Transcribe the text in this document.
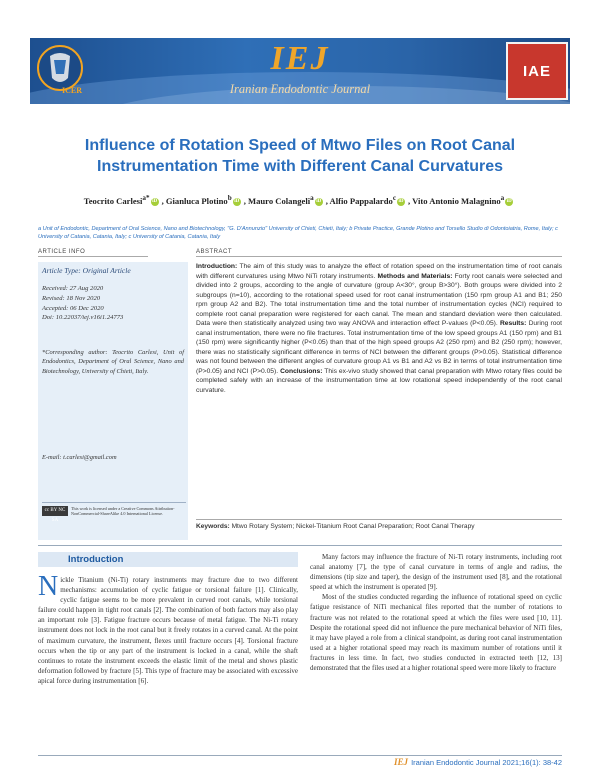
ICER
IEJ
Iranian Endodontic Journal
IAE
Influence of Rotation Speed of Mtwo Files on Root Canal
Instrumentation Time with Different Canal Curvatures
Teocrito Carlesi$^{a*}$ iD , Gianluca Plotino$^b$ iD , Mauro Colangeli$^a$ iD , Alfio Pappalardo$^c$ iD , Vito Antonio Malagnino$^a$ iD
a Unit of Endodontic, Department of Oral Science, Nano and Biotechnology, "G. D'Annunzio" University of Chieti, Chieti, Italy; b Private Practice, Grande Plotino and Torsello Studio di Odontoiatria, Rome, Italy; c University of Catania, Catania, Italy; c University of Catania, Catania, Italy
ARTICLE INFO	ABSTRACT
Article Type: Original Article
Received: 27 Aug 2020
Revised: 18 Nov 2020
Accepted: 06 Dec 2020
Doi: 10.22037/iej.v16i1.24773
*Corresponding author: Teocrito Carlesi, Unit of Endodontics, Department of Oral Science, Nano and Biotechnology, University of Chieti, Italy.
E-mail: t.carlesi@gmail.com
cc BY NC SA
This work is licensed under a Creative Commons Attribution-NonCommercial-ShareAlike 4.0 International License.
Introduction: The aim of this study was to analyze the effect of rotation speed on the instrumentation time of root canals with different curvatures using Mtwo NiTi rotary instruments. Methods and Materials: Forty root canals were selected and divided into 2 groups, according to the angle of curvature (group A<30°, group B>30°). Both groups were divided into 2 subgroups (n=10), according to the rotational speed used for root canal instrumentation (150 rpm group A1 and B1; 250 rpm group A2 and B2). The total instrumentation time and the total number of instrumentation cycles (NCI) required to complete root canal preparation were registered for each canal. The mean and standard deviation were then calculated. Data were then statistically analyzed using two way ANOVA and interaction effect P-values (P<0.05). Results: During root canal instrumentation, there were no file fractures. Total instrumentation time of the low speed groups A1 (150 rpm) and B1 (150 rpm) were significantly higher (P<0.05) than that of the high speed groups A2 (250 rpm) and B2 (250 rpm); however, there was no statistically significant difference in terms of NCI between the different groups (P>0.05). Statistical difference was not found between the different angles of curvature group A1 vs B1 and A2 vs B2 in terms of total instrumentation time (P>0.05) and NCI (P>0.05). Conclusions: This ex-vivo study showed that canal preparation with Mtwo rotary files could be completed safely with an increase of the instrumentation time at low rotational speed independently of the root canal curvature.
Keywords: Mtwo Rotary System; Nickel-Titanium Root Canal Preparation; Root Canal Therapy
Introduction
Nickle Titanium (Ni-Ti) rotary instruments may fracture due to two different mechanisms: accumulation of cyclic fatigue or torsional failure [1]. Clinically, cyclic fatigue seems to be more prevalent in curved root canals, while torsional failure could happen in tight root canals [2]. The combination of both factors may also play an important role [3]. Fatigue fracture occurs because of metal fatigue. The Ni-Ti rotary instrument does not lock in the root canal but it freely rotates in a curved canal. At the point of maximum curvature, the instrument, flexes until fracture occurs [4]. Torsional fracture occurs when the tip or any part of the instrument is locked in a canal, while the shaft continues to rotate the instrument exceeds the elastic limit of the metal and shows plastic deformation followed by fracture [5]. This type of fracture may be associated with excessive apical force during instrumentation [6].

Many factors may influence the fracture of Ni-Ti rotary instruments, including root canal anatomy [7], the type of canal curvature in terms of angle and radius, the dimensions (tip size and taper), the design of the instrument used [8], and the rotational speed at which the instrument is operated [9].

Most of the studies conducted regarding the influence of rotational speed on cyclic fatigue resistance of NiTi mechanical files reported that the number of rotations to fracture was not related to the rotational speed at which the files were used [10, 11]. Despite the rotational speed did not influence the pure mechanical behavior of NiTi files, it may have played a role from a clinical standpoint, as during root canal instrumentation used at a higher rotational speed may reach its maximum number of rotations until it fractures in less time. In fact, two studies conducted in extracted teeth [12, 13] demonstrated that the files used at a higher rotational speed were more likely to fracture

IEJ Iranian Endodontic Journal 2021;16(1): 38-42
